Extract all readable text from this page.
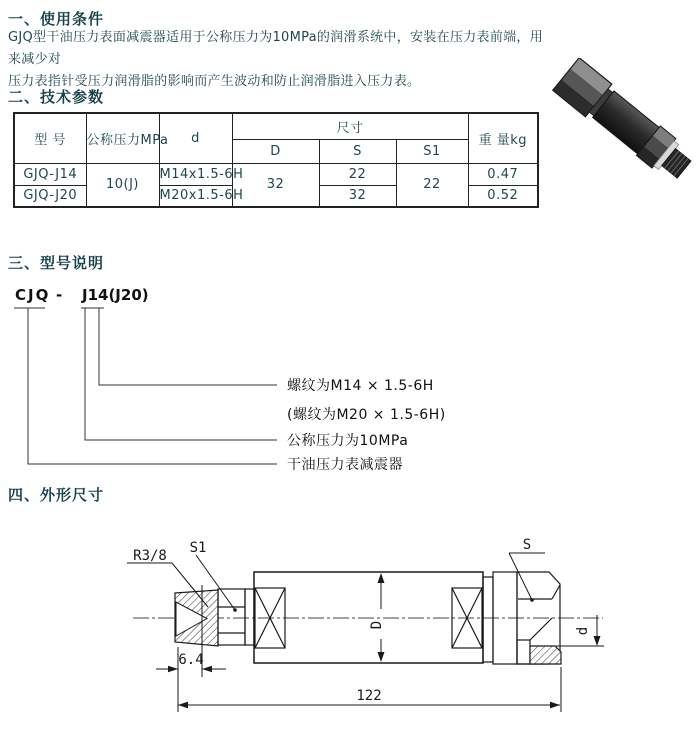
一、使用条件
GJQ型干油压力表面减震器适用于公称压力为10MPa的润滑系统中，安装在压力表前端，用来减少对
压力表指针受压力润滑脂的影响而产生波动和防止润滑脂进入压力表。
二、技术参数
型 号	公称压力MPa	d	尺寸			重 量kg
			D	S	S1	
GJQ-J14	10(J)	M14x1.5-6H	32	22	22	0.47
GJQ-J20		M20x1.5-6H		32		0.52
三、型号说明
CJQ - J14(J20)
螺纹为M14 × 1.5-6H
(螺纹为M20 × 1.5-6H)
公称压力为10MPa
干油压力表减震器
四、外形尺寸
R3/8 S1	S
D
d
6.4
122
